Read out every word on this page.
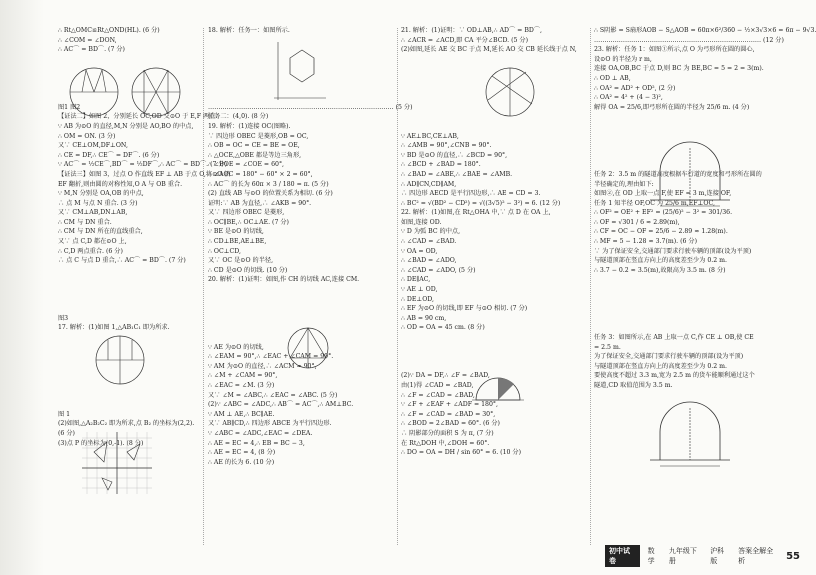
∴ Rt△OMC≌Rt△OND(HL). (6 分)

∴ ∠COM = ∠DON,

∴ AC⌒ = BD⌒. (7 分)

图1 图2

【证法二】如图 2，分别延长 OC,OD 交⊙O 于 E,F 两点.

∵ AB 为⊙O 的直径,M,N 分别是 AO,BO 的中点,

∴ OM = ON. (3 分)

又∵ CE⊥OM,DF⊥ON,

∴ CE = DF,∴ CE⌒ = DF⌒. (6 分)

∵ AC⌒ = ½CE⌒,BD⌒ = ½DF⌒,∴ AC⌒ = BD⌒. (7 分)

【证法三】如图 3，过点 O 作直线 EF ⊥ AB 于点 O,将⊙O 沿

EF 翻折,则由圆的对称性知,O A 与 OB 重合.

∵ M,N 分别是 OA,OB 的中点,

∴ 点 M 与点 N 重合. (3 分)

又∵ CM⊥AB,DN⊥AB,

∴ CM 与 DN 重合.

∴ CM 与 DN 所在的直线重合,

又∵ 点 C,D 都在⊙O 上,

∴ C,D 两点重合. (6 分)

∴ 点 C 与点 D 重合,∴ AC⌒ = BD⌒. (7 分)

图3

17. 解析：(1)如图 1,△AB₁C₁ 即为所求.

图 1

(2)如图,△A₂B₂C₂ 即为所求,点 B₂ 的坐标为(2,2).

(6 分)

(3)点 P 的坐标为(0,-1). (8 分)

18. 解析：任务一：如图所示.

……………………………………………………………………………… (5 分)

任务二：(4,0). (8 分)

19. 解析：(1)连接 OC(图略).

∵ 四边形 OBEC 是菱形,OB = OC,

∴ OB = OC = CE = BE = OE,

∴ △OCE,△OBE 都是等边三角形,

∴ ∠BOE = ∠COE = 60°,

∴ ∠AOC = 180° − 60° × 2 = 60°,

∴ AC⌒ 的长为 60π × 3 / 180 = π. (5 分)

(2) 直线 AB 与⊙O 的位置关系为相切. (6 分)

证明:∵ AB 为直径,∴ ∠AKB = 90°.

又∵ 四边形 OBEC 是菱形,

∴ OC∥BE,∴ OC⊥AE. (7 分)

∵ BE 是⊙O 的切线,

∴ CD⊥BE,AE⊥BE,

∴ OC⊥CD,

又∵ OC 是⊙O 的半径,

∴ CD 是⊙O 的切线. (10 分)

20. 解析：(1)证明：如图,作 CH 的切线 AC,连接 CM.

∵ AE 为⊙O 的切线,

∴ ∠EAM = 90°,∴ ∠EAC + ∠CAM = 90°.

∵ AM 为⊙O 的直径,∴ ∠ACM = 90°,

∴ ∠M + ∠CAM = 90°,

∴ ∠EAC = ∠M. (3 分)

又∵ ∠M = ∠ABC,∴ ∠EAC = ∠ABC. (5 分)

(2)∵ ∠ABC = ∠ADC,∴ AB⌒ = AC⌒,∴ AM⊥BC.

∵ AM ⊥ AE,∴ BC∥AE.

又∵ AB∥CD,∴ 四边形 ABCE 为平行四边形.

∵ ∠ABC = ∠ADC,∠EAC = ∠DEA.

∴ AE = EC = 4,∴ EB = BC − 3,

∴ AE = EC = 4, (8 分)

∴ AE 的长为 6. (10 分)

21. 解析：(1)证明：∵ OD⊥AB,∴ AD⌒ = BD⌒,

∴ ∠ACR = ∠ACD,即 CA 平分∠BCD. (5 分)

(2)如图,延长 AE 交 BC 于点 M,延长 AO 交 CB 延长线于点 N,

∵ AE⊥BC,CE⊥AB,

∴ ∠AMB = 90°,∠CNB = 90°.

∵ BD 是⊙O 的直径,∴ ∠BCD = 90°,

∴ ∠BCD + ∠BAD = 180°.

∴ ∠BAD = ∠ABE,∴ ∠BAE = ∠AMB.

∴ AD∥CN,CD∥AM,

∴ 四边形 AECD 是平行四边形,∴ AE = CD = 3.

∴ BC² = √(BD² − CD²) = √((3√5)² − 3²) = 6. (12 分)

22. 解析：(1)如图,在 Rt△OHA 中,∵ 点 D 在 OA 上,

如图,连接 OD.

∵ D 为弧 BC 的中点,

∴ ∠CAD = ∠BAD.

∵ OA = OD,

∴ ∠BAD = ∠ADO,

∴ ∠CAD = ∠ADO, (5 分)

∴ DE∥AC,

∵ AE ⊥ OD,

∴ DE⊥OD,

∴ EF 为⊙O 的切线,即 EF 与⊙O 相切. (7 分)

∴ AB = 90 cm,

∴ OD = OA = 45 cm. (8 分)

(2)∵ DA = DF,∴ ∠F = ∠BAD,

由(1)得 ∠CAD = ∠BAD,

∴ ∠F = ∠CAD = ∠BAD,

∵ ∠F + ∠EAF + ∠ADF = 180°,

∴ ∠F = ∠CAD = ∠BAD = 30°,

∴ ∠BOD = 2∠BAD = 60°. (6 分)

∴ 阴影部分的面积 S 为 π, (7 分)

在 Rt△DOH 中,∠DOH = 60°.

∴ DO = OA = DH / sin 60° = 6. (10 分)

∴ S阴影 = S扇形AOB − S△AOB = 60π×6²/360 − ½×3√3×6 = 6π − 9√3.

……………………………………………………………………… (12 分)

23. 解析：任务 1：如图①所示,点 O 为弓形所在圆的圆心,

设⊙O 的半径为 r m,

连接 OA,OB,BC 于点 D,则 BC 为 BE,BC = 5 = 2 = 3(m).

∴ OD ⊥ AB,

∴ OA² = AD² + OD², (2 分)

∴ OA² = 4² + (4 − 3)²,

解得 OA = 25/6,即弓形所在圆的半径为 25/6 m. (4 分)

任务 2：3.5 m 的隧道高度根据车行道的宽度和弓形所在圆的

半径确定的,理由如下:

如图②,在 OD 上取一点 F,使 EF = 3 m,连接 OF,

任务 1 知半径 OF,OC 为 25/6 m,EF⊥OC,

∴ OF² = OE² + EF² = (25/6)² − 3² = 301/36.

∴ OF = √301 / 6 ≈ 2.89(m),

∴ CF = OC − OF = 25/6 − 2.89 ≈ 1.28(m).

∴ MF = 5 − 1.28 ≈ 3.7(m). (6 分)

∵ 为了保证安全,交通部门要求行驶车辆的顶部(设为平顶)

与隧道顶部在竖直方向上的高度差至少为 0.2 m.

∴ 3.7 − 0.2 ≈ 3.5(m),故限高为 3.5 m. (8 分)

任务 3：如图所示,在 AB 上取一点 C,作 CE ⊥ OB,使 CE

= 2.5 m.

为了保证安全,交通部门要求行驶车辆的顶部(设为平顶)

与隧道顶部在竖直方向上的高度差至少为 0.2 m.

要使高度不超过 3.3 m,宽为 2.5 m 的货车能顺利通过这个

隧道,CD 取值范围为 3.5 m.

初中试卷
数学
九年级下册
沪科版
答案全解全析	55
